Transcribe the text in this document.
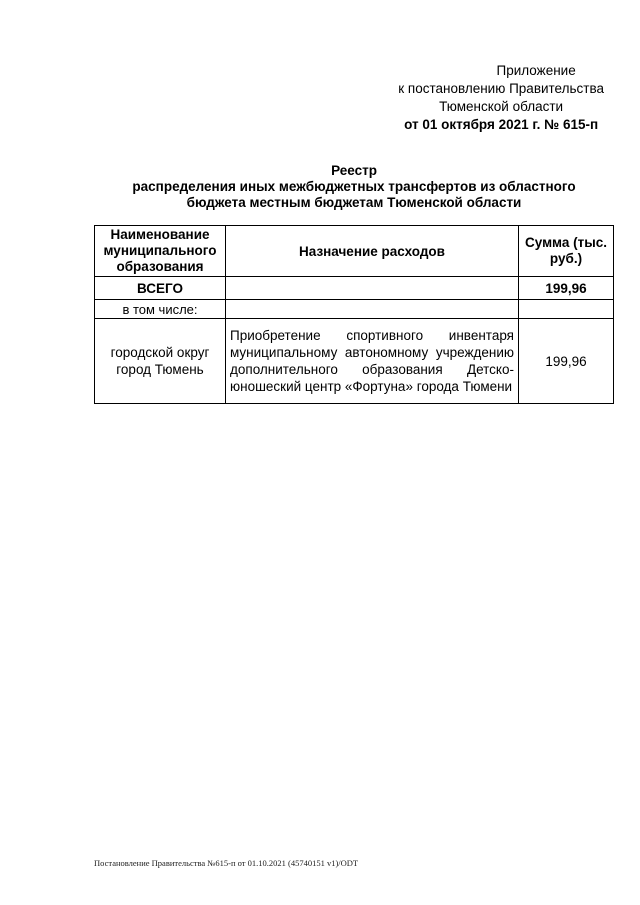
Приложение
к постановлению Правительства
Тюменской области
от 01 октября 2021 г. № 615-п
Реестр
распределения иных межбюджетных трансфертов из областного
бюджета местным бюджетам Тюменской области
Наименование муниципального образования	Назначение расходов	Сумма (тыс. руб.)
ВСЕГО		199,96
в том числе:		
городской округ город Тюмень	Приобретение спортивного инвентаря муниципальному автономному учреждению дополнительного образования Детско-юношеский центр «Фортуна» города Тюмени	199,96
Постановление Правительства №615-п от 01.10.2021 (45740151 v1)/ODT
